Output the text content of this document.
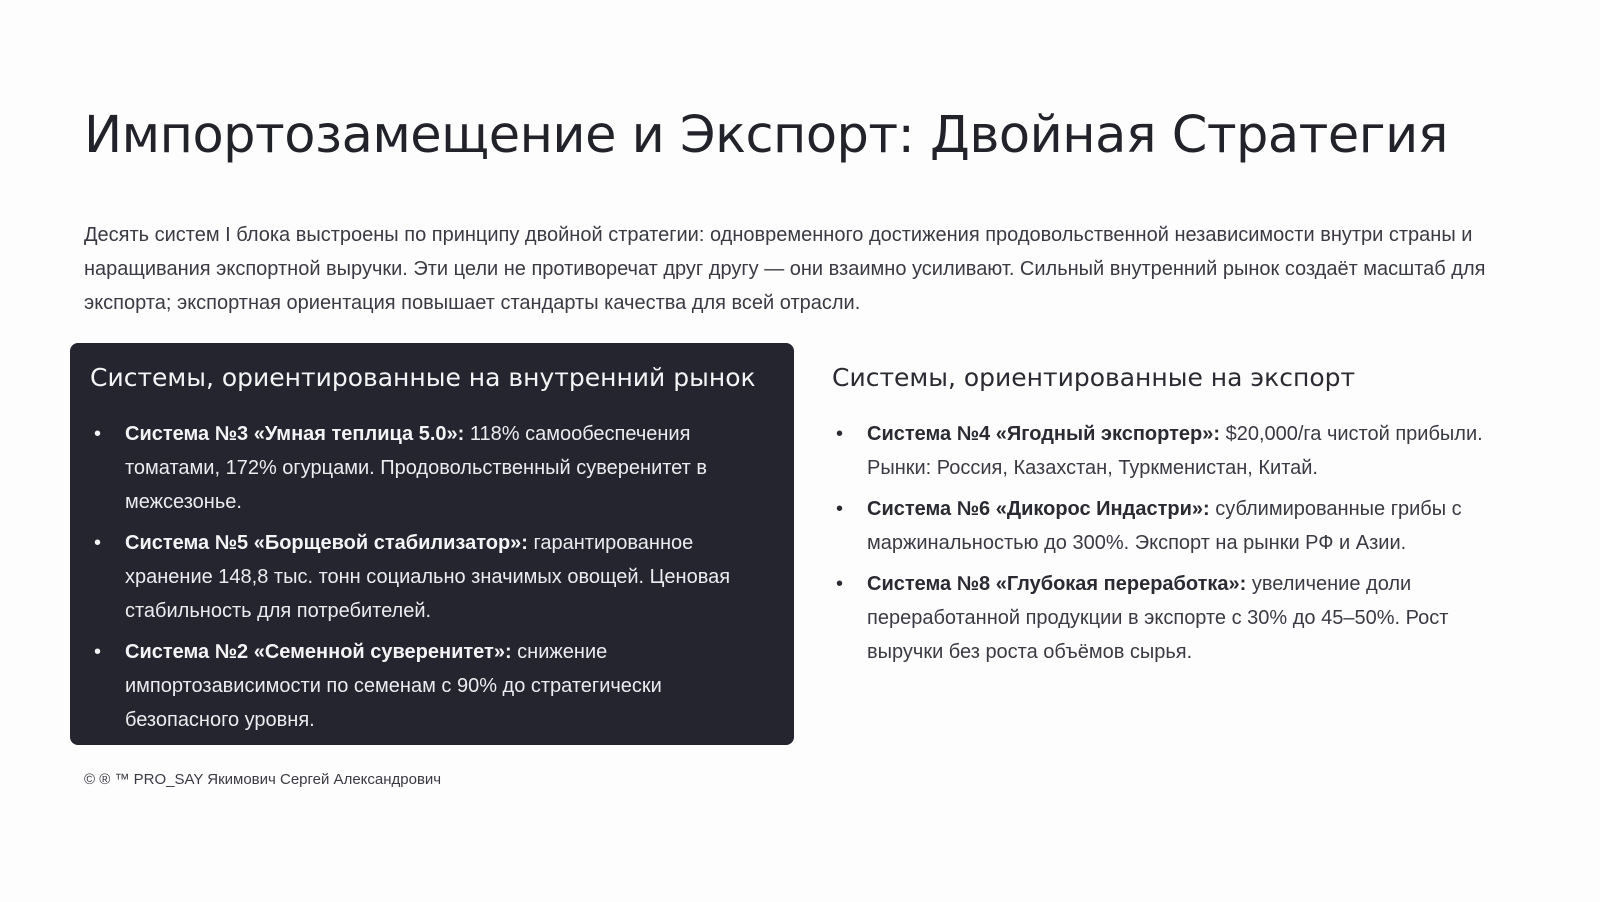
Импортозамещение и Экспорт: Двойная Стратегия

Десять систем I блока выстроены по принципу двойной стратегии: одновременного достижения продовольственной независимости внутри страны и наращивания экспортной выручки. Эти цели не противоречат друг другу — они взаимно усиливают. Сильный внутренний рынок создаёт масштаб для экспорта; экспортная ориентация повышает стандарты качества для всей отрасли.

Системы, ориентированные на внутренний рынок
• Система №3 «Умная теплица 5.0»: 118% самообеспечения томатами, 172% огурцами. Продовольственный суверенитет в межсезонье.
• Система №5 «Борщевой стабилизатор»: гарантированное хранение 148,8 тыс. тонн социально значимых овощей. Ценовая стабильность для потребителей.
• Система №2 «Семенной суверенитет»: снижение импортозависимости по семенам с 90% до стратегически безопасного уровня.
Системы, ориентированные на экспорт
• Система №4 «Ягодный экспортер»: $20,000/га чистой прибыли. Рынки: Россия, Казахстан, Туркменистан, Китай.
• Система №6 «Дикорос Индастри»: сублимированные грибы с маржинальностью до 300%. Экспорт на рынки РФ и Азии.
• Система №8 «Глубокая переработка»: увеличение доли переработанной продукции в экспорте с 30% до 45–50%. Рост выручки без роста объёмов сырья.
© ® ™ PRO_SAY Якимович Сергей Александрович
